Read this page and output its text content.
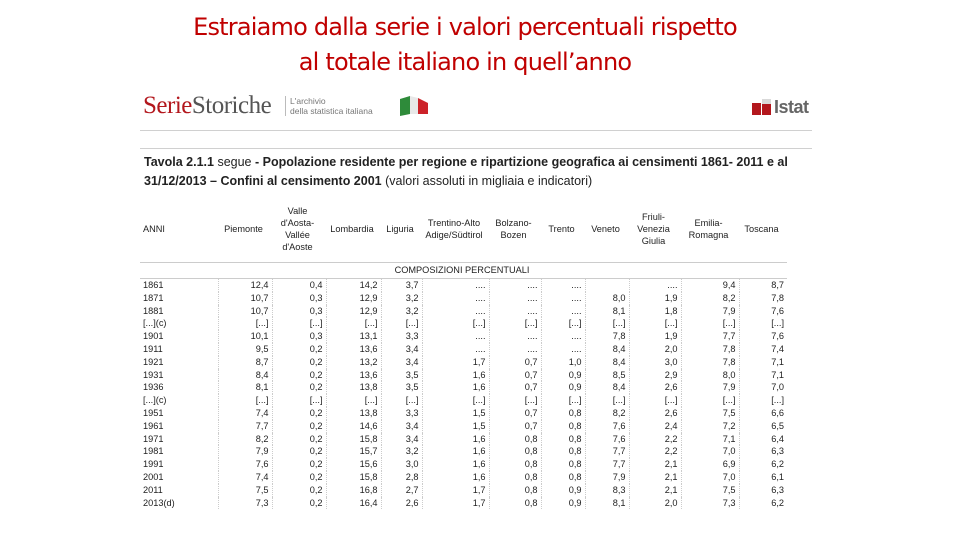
Estraiamo dalla serie i valori percentuali rispetto
al totale italiano in quell’anno
SerieStoriche L'archivio
della statistica italiana	Istat
Tavola 2.1.1 segue - Popolazione residente per regione e ripartizione geografica ai censimenti 1861- 2011 e al 31/12/2013 – Confini al censimento 2001 (valori assoluti in migliaia e indicatori)
ANNI	Piemonte	Valle d'Aosta-Vallée d'Aoste	Lombardia	Liguria	Trentino-Alto Adige/Südtirol	Bolzano-Bozen	Trento	Veneto	Friuli-Venezia Giulia	Emilia-Romagna	Toscana
COMPOSIZIONI PERCENTUALI											
1861	12,4	0,4	14,2	3,7	....	....	....		....	9,4	8,7
1871	10,7	0,3	12,9	3,2	....	....	....	8,0	1,9	8,2	7,8
1881	10,7	0,3	12,9	3,2	....	....	....	8,1	1,8	7,9	7,6
[...](c)	[...]	[...]	[...]	[...]	[...]	[...]	[...]	[...]	[...]	[...]	[...]
1901	10,1	0,3	13,1	3,3	....	....	....	7,8	1,9	7,7	7,6
1911	9,5	0,2	13,6	3,4	....	....	....	8,4	2,0	7,8	7,4
1921	8,7	0,2	13,2	3,4	1,7	0,7	1,0	8,4	3,0	7,8	7,1
1931	8,4	0,2	13,6	3,5	1,6	0,7	0,9	8,5	2,9	8,0	7,1
1936	8,1	0,2	13,8	3,5	1,6	0,7	0,9	8,4	2,6	7,9	7,0
[...](c)	[...]	[...]	[...]	[...]	[...]	[...]	[...]	[...]	[...]	[...]	[...]
1951	7,4	0,2	13,8	3,3	1,5	0,7	0,8	8,2	2,6	7,5	6,6
1961	7,7	0,2	14,6	3,4	1,5	0,7	0,8	7,6	2,4	7,2	6,5
1971	8,2	0,2	15,8	3,4	1,6	0,8	0,8	7,6	2,2	7,1	6,4
1981	7,9	0,2	15,7	3,2	1,6	0,8	0,8	7,7	2,2	7,0	6,3
1991	7,6	0,2	15,6	3,0	1,6	0,8	0,8	7,7	2,1	6,9	6,2
2001	7,4	0,2	15,8	2,8	1,6	0,8	0,8	7,9	2,1	7,0	6,1
2011	7,5	0,2	16,8	2,7	1,7	0,8	0,9	8,3	2,1	7,5	6,3
2013(d)	7,3	0,2	16,4	2,6	1,7	0,8	0,9	8,1	2,0	7,3	6,2
